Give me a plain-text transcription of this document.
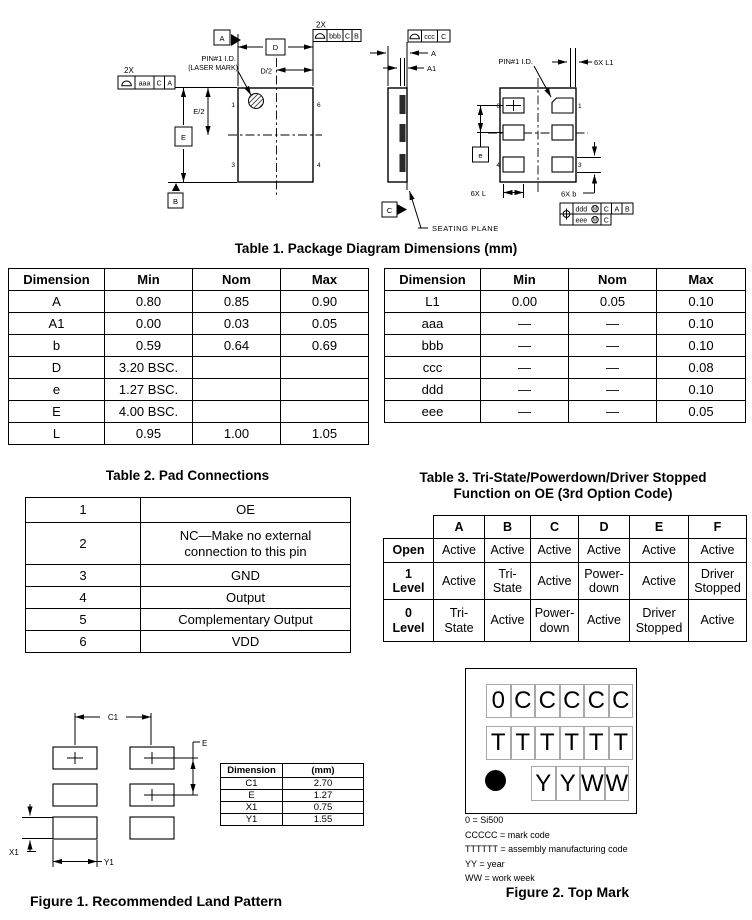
PIN#1 I.D.
(LASER MARK)
1	6
3	4
D
A
D/2
E
E/2
B
2X
aaa C A
2X
bbb C B
A
A1
ccc C
C
SEATING PLANE
6	1
4	3
PIN#1 I.D.	6X L1
e
6X L	6X b
ddd M C A B
eee M C
Table 1. Package Diagram Dimensions (mm)
Dimension	Min	Nom	Max
A	0.80	0.85	0.90
A1	0.00	0.03	0.05
b	0.59	0.64	0.69
D	3.20 BSC.		
e	1.27 BSC.		
E	4.00 BSC.		
L	0.95	1.00	1.05
Dimension	Min	Nom	Max
L1	0.00	0.05	0.10
aaa	—	—	0.10
bbb	—	—	0.10
ccc	—	—	0.08
ddd	—	—	0.10
eee	—	—	0.05
Table 2. Pad Connections
1	OE
2	NC—Make no external connection to this pin
3	GND
4	Output
5	Complementary Output
6	VDD
Table 3. Tri-State/Powerdown/Driver Stopped
Function on OE (3rd Option Code)
	A	B	C	D	E	F
Open	Active	Active	Active	Active	Active	Active
1 Level	Active	Tri-State	Active	Power-down	Active	Driver Stopped
0 Level	Tri-State	Active	Power-down	Active	Driver Stopped	Active
C1
E
X1
Y1
Dimension	(mm)
C1	2.70
E	1.27
X1	0.75
Y1	1.55
Figure 1. Recommended Land Pattern
0 C C C C C
T T T T T T
Y Y W W
0 = Si500
CCCCC = mark code
TTTTTT = assembly manufacturing code
YY = year
WW = work week
Figure 2. Top Mark
